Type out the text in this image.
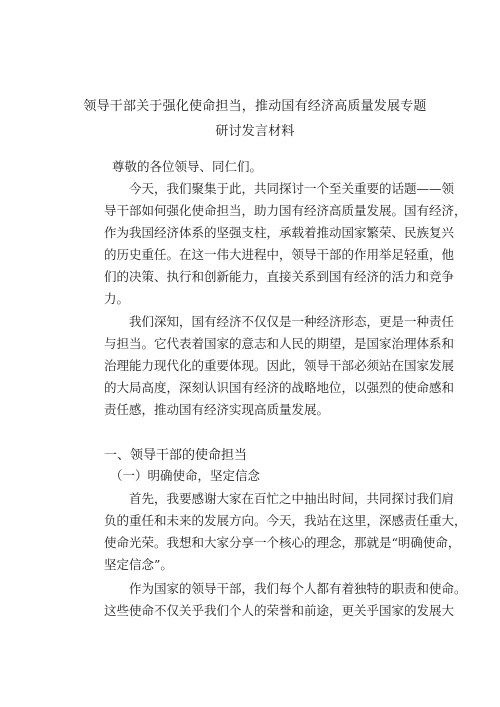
领导干部关于强化使命担当，推动国有经济高质量发展专题
研讨发言材料
尊敬的各位领导、同仁们。
　　今天，我们聚集于此，共同探讨一个至关重要的话题——领
导干部如何强化使命担当，助力国有经济高质量发展。国有经济，
作为我国经济体系的坚强支柱，承载着推动国家繁荣、民族复兴
的历史重任。在这一伟大进程中，领导干部的作用举足轻重，他
们的决策、执行和创新能力，直接关系到国有经济的活力和竞争
力。
　　我们深知，国有经济不仅仅是一种经济形态，更是一种责任
与担当。它代表着国家的意志和人民的期望，是国家治理体系和
治理能力现代化的重要体现。因此，领导干部必须站在国家发展
的大局高度，深刻认识国有经济的战略地位，以强烈的使命感和
责任感，推动国有经济实现高质量发展。
一、领导干部的使命担当
（一）明确使命，坚定信念
　　首先，我要感谢大家在百忙之中抽出时间，共同探讨我们肩
负的重任和未来的发展方向。今天，我站在这里，深感责任重大，
使命光荣。我想和大家分享一个核心的理念，那就是“明确使命，
坚定信念”。
　　作为国家的领导干部，我们每个人都有着独特的职责和使命。
这些使命不仅关乎我们个人的荣誉和前途，更关乎国家的发展大
